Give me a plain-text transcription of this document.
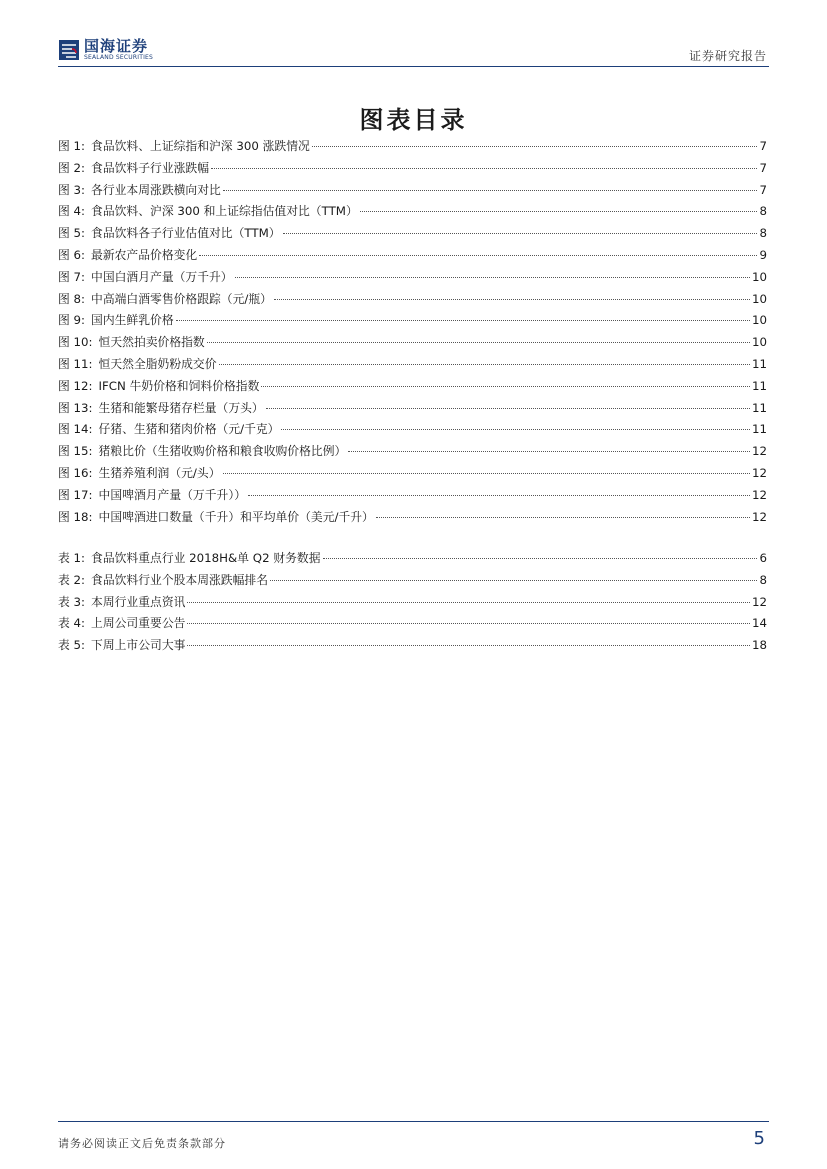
国海证券
SEALAND SECURITIES	证券研究报告
图表目录
图 1: 食品饮料、上证综指和沪深 300 涨跌情况	7
图 2: 食品饮料子行业涨跌幅	7
图 3: 各行业本周涨跌横向对比	7
图 4: 食品饮料、沪深 300 和上证综指估值对比（TTM）	8
图 5: 食品饮料各子行业估值对比（TTM）	8
图 6: 最新农产品价格变化	9
图 7: 中国白酒月产量（万千升）	10
图 8: 中高端白酒零售价格跟踪（元/瓶）	10
图 9: 国内生鲜乳价格	10
图 10: 恒天然拍卖价格指数	10
图 11: 恒天然全脂奶粉成交价	11
图 12: IFCN 牛奶价格和饲料价格指数	11
图 13: 生猪和能繁母猪存栏量（万头）	11
图 14: 仔猪、生猪和猪肉价格（元/千克）	11
图 15: 猪粮比价（生猪收购价格和粮食收购价格比例）	12
图 16: 生猪养殖利润（元/头）	12
图 17: 中国啤酒月产量（万千升））	12
图 18: 中国啤酒进口数量（千升）和平均单价（美元/千升）	12
表 1: 食品饮料重点行业 2018H&单 Q2 财务数据	6
表 2: 食品饮料行业个股本周涨跌幅排名	8
表 3: 本周行业重点资讯	12
表 4: 上周公司重要公告	14
表 5: 下周上市公司大事	18
请务必阅读正文后免责条款部分	5
